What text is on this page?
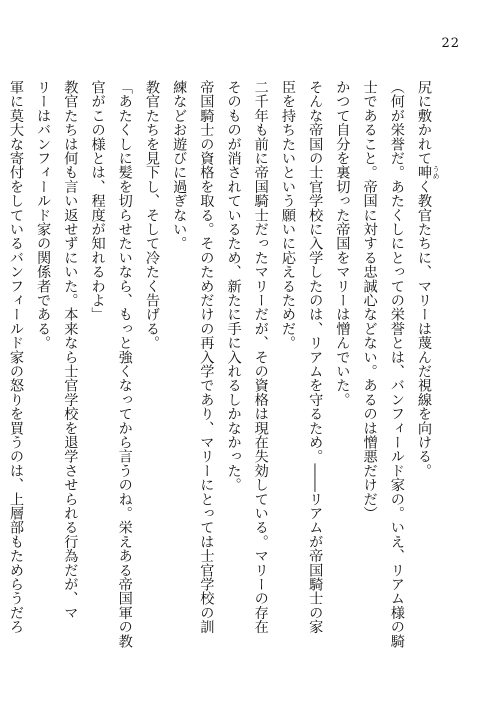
22
尻に敷かれて呻 うめく教官たちに、マリーは蔑んだ視線を向ける。
（何が栄誉だ。あたくしにとっての栄誉とは、バンフィールド家の。いえ、リアム様の騎
士であること。帝国に対する忠誠心などない。あるのは憎悪だけだ）
かつて自分を裏切った帝国をマリーは憎んでいた。
そんな帝国の士官学校に入学したのは、リアムを守るため。――リアムが帝国騎士の家
臣を持ちたいという願いに応えるためだ。
二千年も前に帝国騎士だったマリーだが、その資格は現在失効している。マリーの存在
そのものが消されているため、新たに手に入れるしかなかった。
帝国騎士の資格を取る。そのためだけの再入学であり、マリーにとっては士官学校の訓
練などお遊びに過ぎない。
教官たちを見下し、そして冷たく告げる。
「あたくしに髪を切らせたいなら、もっと強くなってから言うのね。栄えある帝国軍の教
官がこの様とは、程度が知れるわよ」
教官たちは何も言い返せずにいた。本来なら士官学校を退学させられる行為だが、マ
リーはバンフィールド家の関係者である。
軍に莫大な寄付をしているバンフィールド家の怒りを買うのは、上層部もためらうだろ
